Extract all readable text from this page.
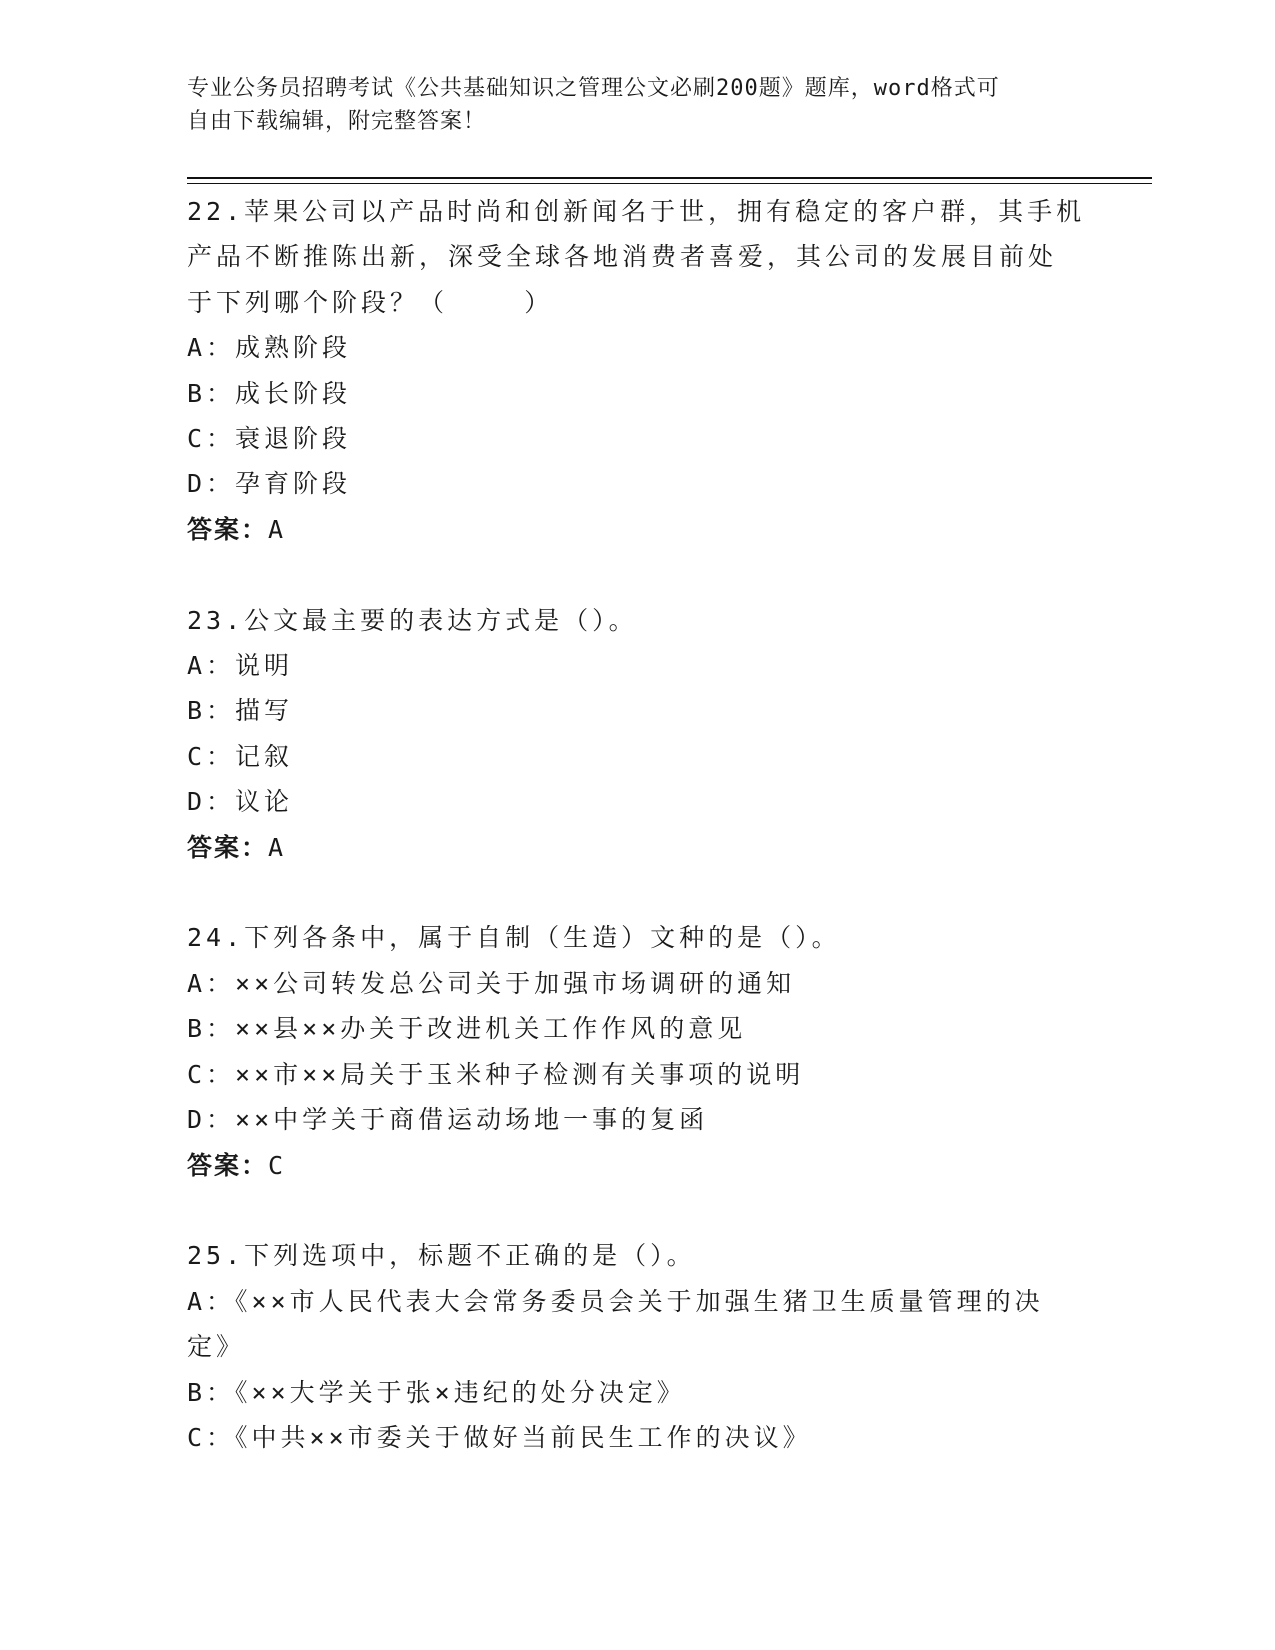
专业公务员招聘考试《公共基础知识之管理公文必刷200题》题库，word格式可
自由下载编辑，附完整答案！
22.苹果公司以产品时尚和创新闻名于世，拥有稳定的客户群，其手机
产品不断推陈出新，深受全球各地消费者喜爱，其公司的发展目前处
于下列哪个阶段？（    ）
A：成熟阶段
B：成长阶段
C：衰退阶段
D：孕育阶段
答案：A
23.公文最主要的表达方式是（）。
A：说明
B：描写
C：记叙
D：议论
答案：A
24.下列各条中，属于自制（生造）文种的是（）。
A：××公司转发总公司关于加强市场调研的通知
B：××县××办关于改进机关工作作风的意见
C：××市××局关于玉米种子检测有关事项的说明
D：××中学关于商借运动场地一事的复函
答案：C
25.下列选项中，标题不正确的是（）。
A：《××市人民代表大会常务委员会关于加强生猪卫生质量管理的决
定》
B：《××大学关于张×违纪的处分决定》
C：《中共××市委关于做好当前民生工作的决议》
